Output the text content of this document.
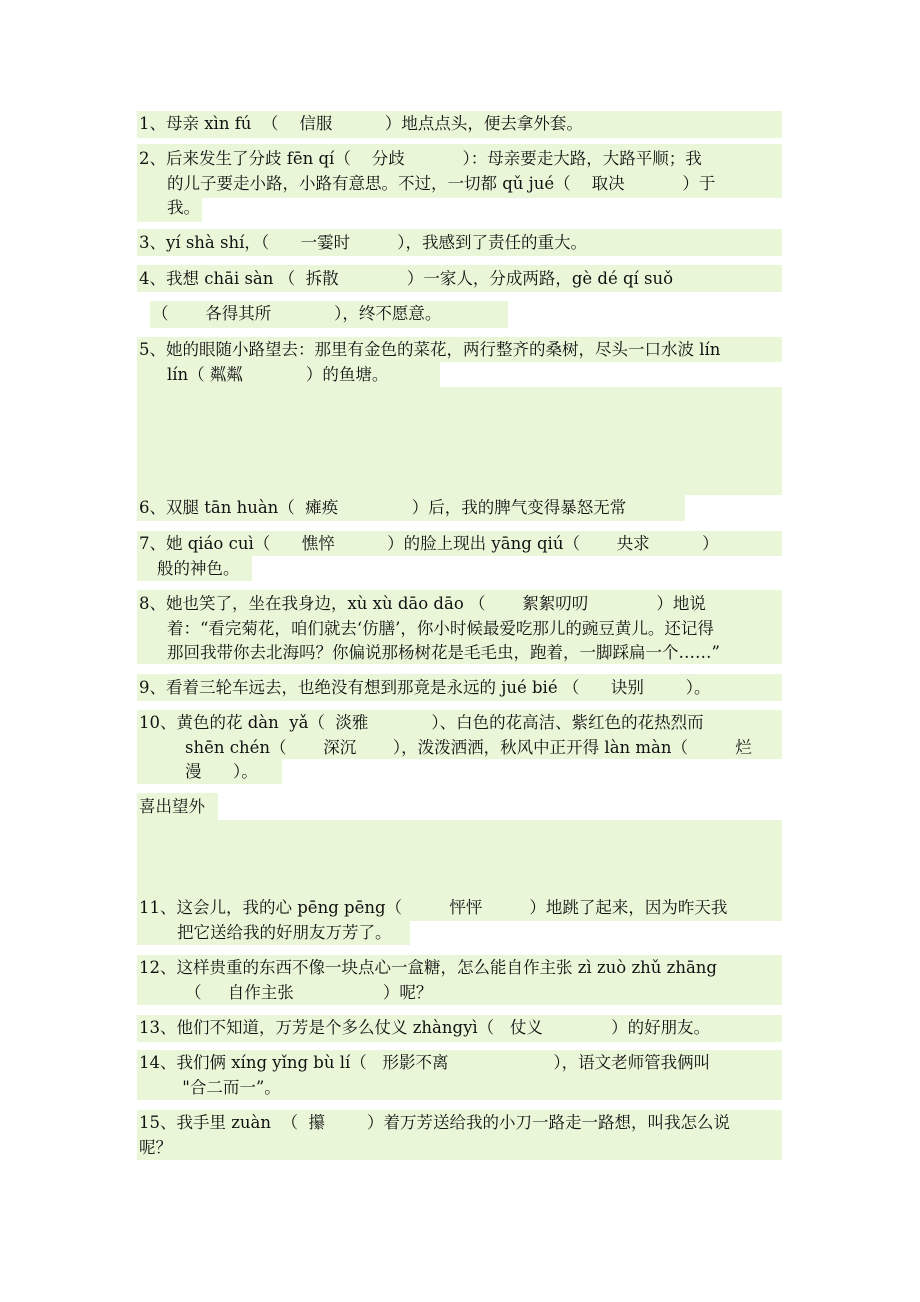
1、母亲 xìn fú  （    信服          ）地点点头，便去拿外套。
2、后来发生了分歧 fēn qí（    分歧           ）：母亲要走大路，大路平顺；我
的儿子要走小路，小路有意思。不过，一切都 qǔ jué（    取决           ）于
我。
3、yí shà shí，（      一霎时         ），我感到了责任的重大。
4、我想 chāi sàn （  拆散             ）一家人，分成两路，gè dé qí suǒ
（       各得其所            ），终不愿意。
5、她的眼随小路望去：那里有金色的菜花，两行整齐的桑树，尽头一口水波 lín
lín（ 粼粼            ）的鱼塘。
6、双腿 tān huàn（  瘫痪              ）后，我的脾气变得暴怒无常
7、她 qiáo cuì（      憔悴          ）的脸上现出 yāng qiú（       央求          ）
般的神色。
8、她也笑了，坐在我身边，xù xù dāo dāo （       絮絮叨叨             ）地说
着：“看完菊花，咱们就去‘仿膳’，你小时候最爱吃那儿的豌豆黄儿。还记得
那回我带你去北海吗？你偏说那杨树花是毛毛虫，跑着，一脚踩扁一个……”
9、看着三轮车远去，也绝没有想到那竟是永远的 jué bié （      诀别        ）。
10、黄色的花 dàn  yǎ（  淡雅            ）、白色的花高洁、紫红色的花热烈而
shēn chén（       深沉       ），泼泼洒洒，秋风中正开得 làn màn（         烂
漫      ）。
喜出望外
11、这会儿，我的心 pēng pēng（         怦怦         ）地跳了起来，因为昨天我
把它送给我的好朋友万芳了。
12、这样贵重的东西不像一块点心一盒糖，怎么能自作主张 zì zuò zhǔ zhāng
（     自作主张                 ）呢？
13、他们不知道，万芳是个多么仗义 zhàngyì（   仗义             ）的好朋友。
14、我们俩 xíng yǐng bù lí（   形影不离                    ），语文老师管我俩叫
"合二而一”。
15、我手里 zuàn  （  攥        ）着万芳送给我的小刀一路走一路想，叫我怎么说
呢？
